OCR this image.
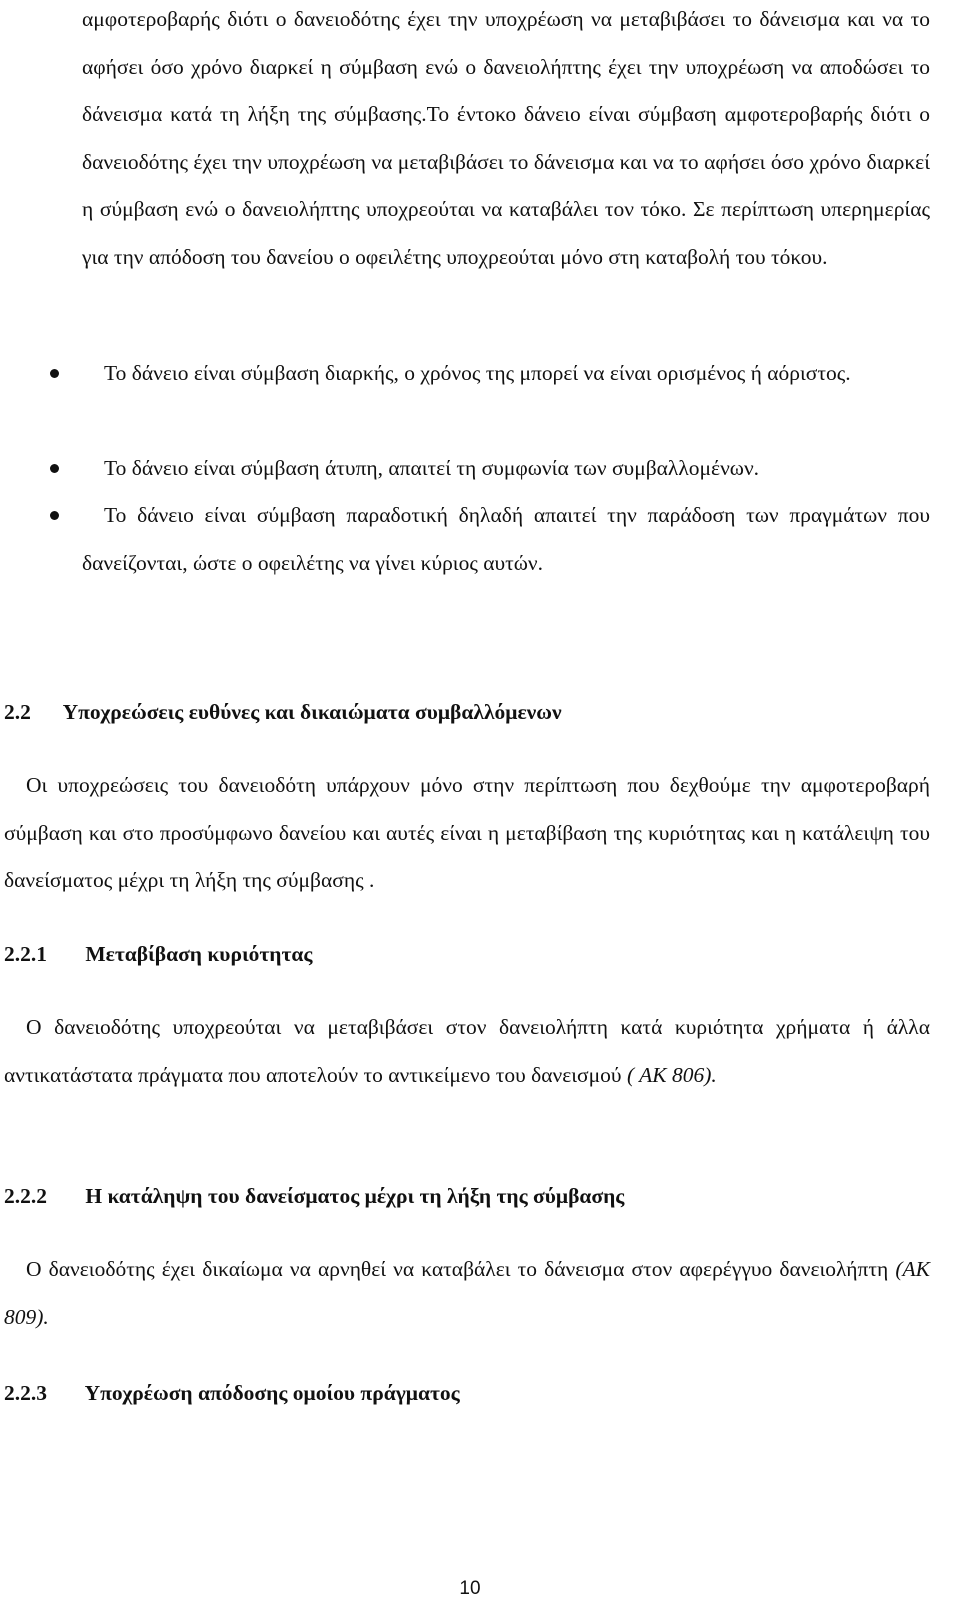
αμφοτεροβαρής διότι ο δανειοδότης έχει την υποχρέωση να μεταβιβάσει το δάνεισμα και να το αφήσει όσο χρόνο διαρκεί η σύμβαση ενώ ο δανειολήπτης έχει την υποχρέωση να αποδώσει το δάνεισμα κατά τη λήξη της σύμβασης.Το έντοκο δάνειο είναι σύμβαση αμφοτεροβαρής διότι ο δανειοδότης έχει την υποχρέωση να μεταβιβάσει το δάνεισμα και να το αφήσει όσο χρόνο διαρκεί η σύμβαση ενώ ο δανειολήπτης υποχρεούται να καταβάλει τον τόκο. Σε περίπτωση υπερημερίας για την απόδοση του δανείου ο οφειλέτης υποχρεούται μόνο στη καταβολή του τόκου.

Το δάνειο είναι σύμβαση διαρκής, ο χρόνος της μπορεί να είναι ορισμένος ή αόριστος.

Το δάνειο είναι σύμβαση άτυπη, απαιτεί τη συμφωνία των συμβαλλομένων.

Το δάνειο είναι σύμβαση παραδοτική δηλαδή απαιτεί την παράδοση των πραγμάτων που δανείζονται, ώστε ο οφειλέτης να γίνει κύριος αυτών.

2.2 Υποχρεώσεις ευθύνες και δικαιώματα συμβαλλόμενων

Οι υποχρεώσεις του δανειοδότη υπάρχουν μόνο στην περίπτωση που δεχθούμε την αμφοτεροβαρή σύμβαση και στο προσύμφωνο δανείου και αυτές είναι η μεταβίβαση της κυριότητας και η κατάλειψη του δανείσματος μέχρι τη λήξη της σύμβασης .

2.2.1 Μεταβίβαση κυριότητας

Ο δανειοδότης υποχρεούται να μεταβιβάσει στον δανειολήπτη κατά κυριότητα χρήματα ή άλλα αντικατάστατα πράγματα που αποτελούν το αντικείμενο του δανεισμού ( ΑΚ 806).

2.2.2 Η κατάληψη του δανείσματος μέχρι τη λήξη της σύμβασης

Ο δανειοδότης έχει δικαίωμα να αρνηθεί να καταβάλει το δάνεισμα στον αφερέγγυο δανειολήπτη (ΑΚ 809).

2.2.3 Υποχρέωση απόδοσης ομοίου πράγματος
10
